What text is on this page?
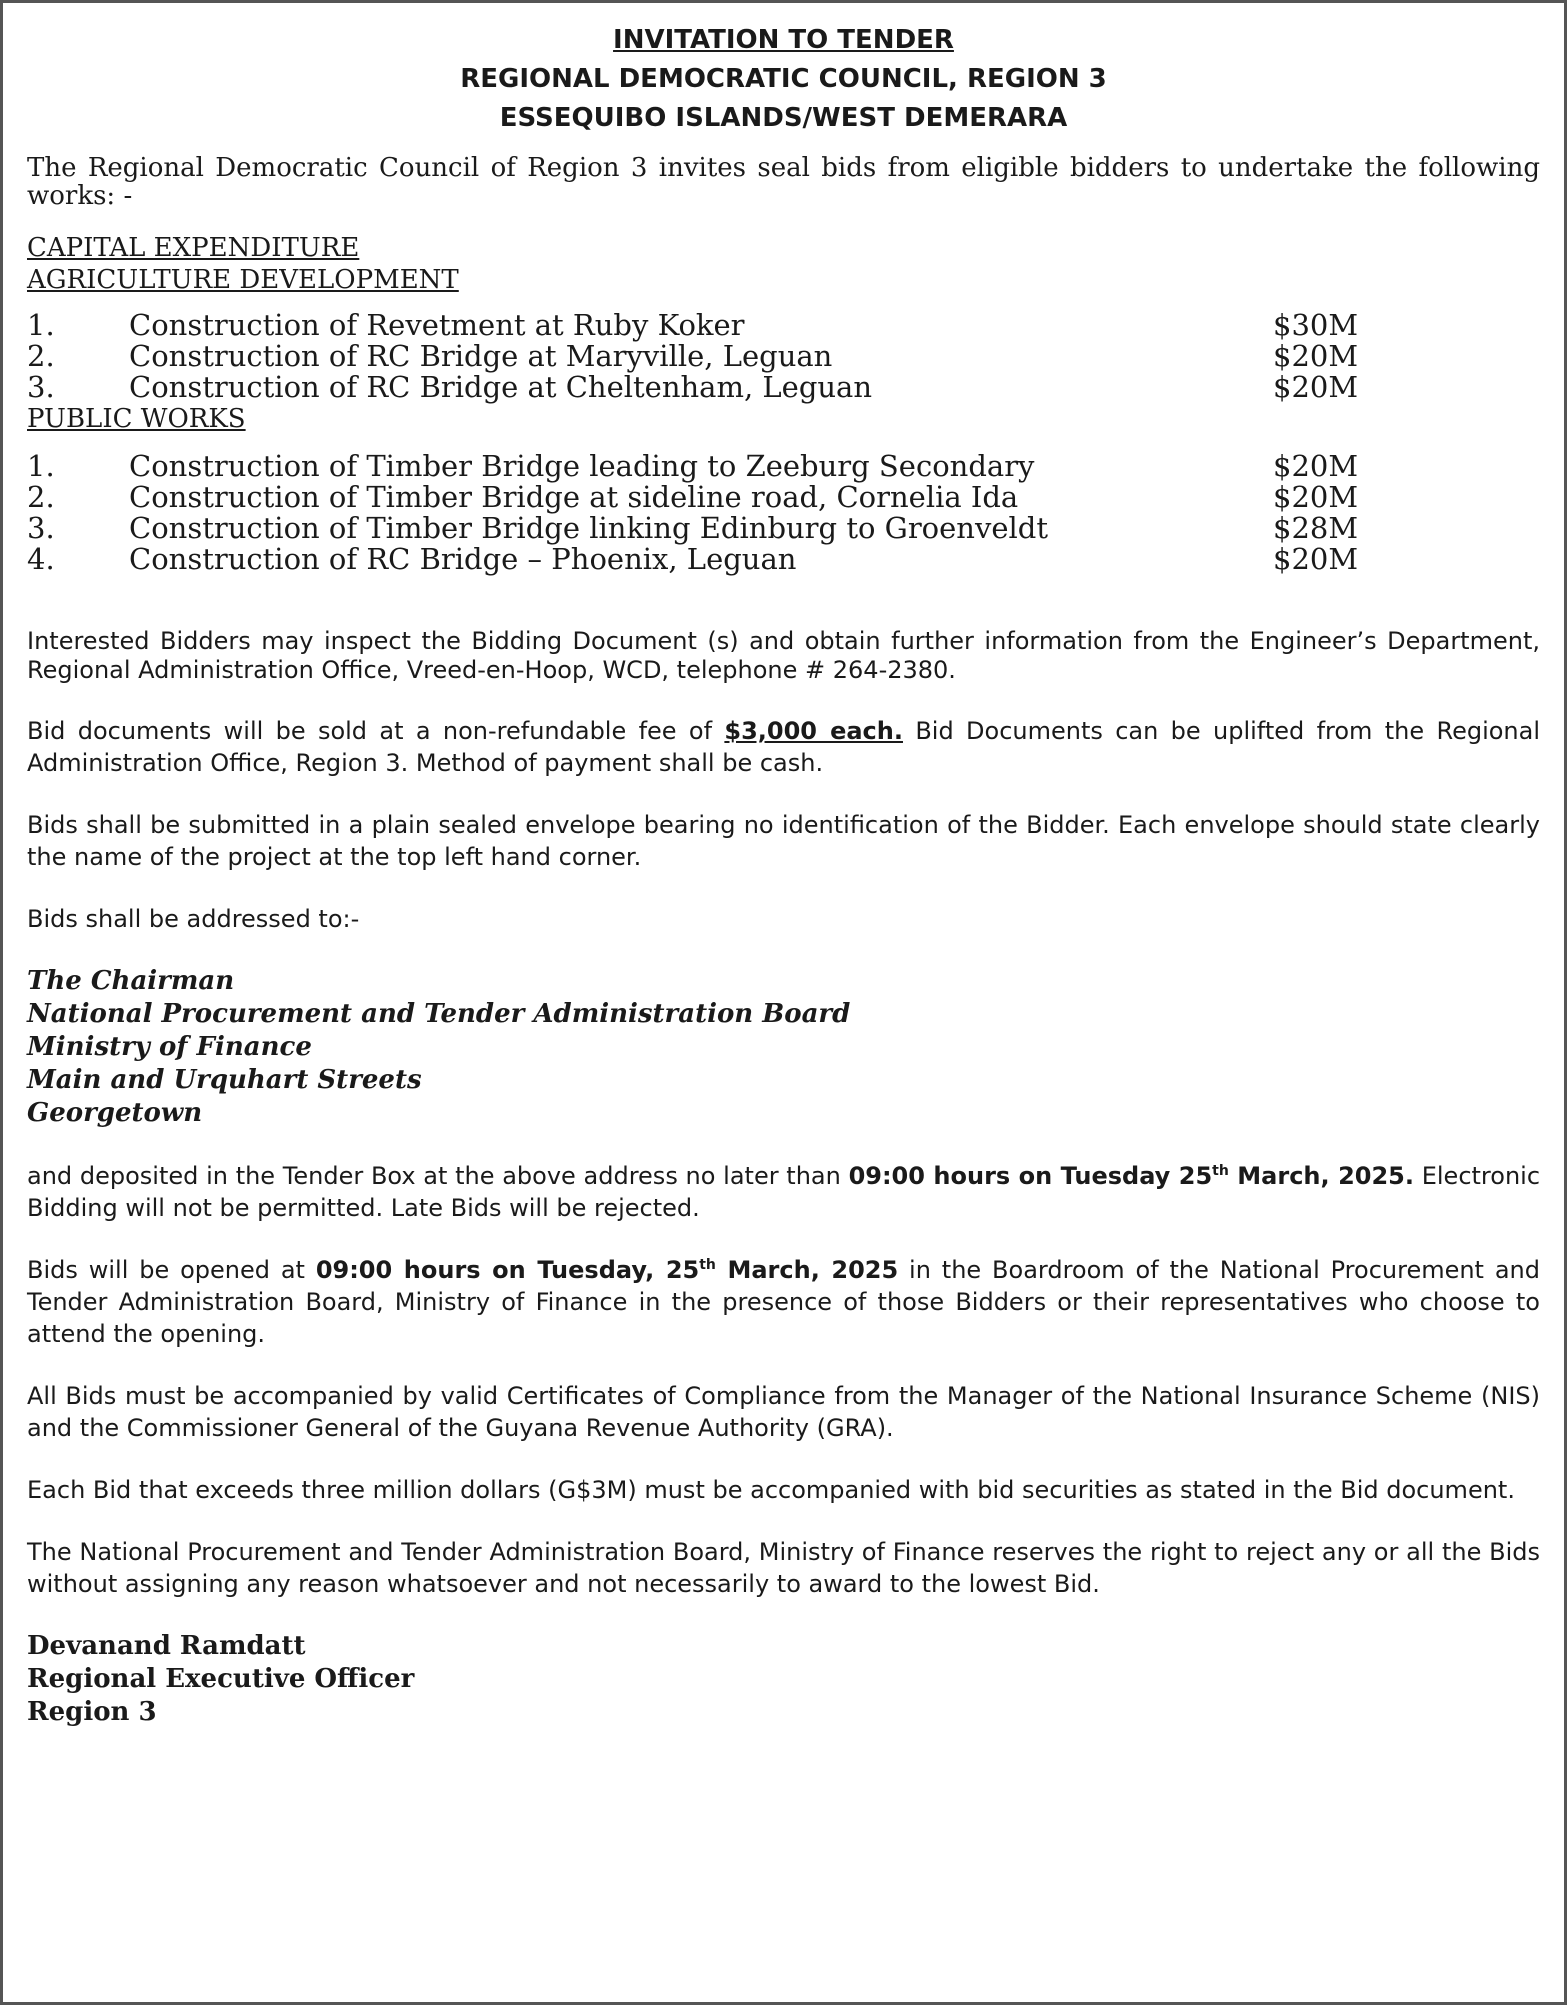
INVITATION TO TENDER

REGIONAL DEMOCRATIC COUNCIL, REGION 3

ESSEQUIBO ISLANDS/WEST DEMERARA

The Regional Democratic Council of Region 3 invites seal bids from eligible bidders to undertake the following works: -

CAPITAL EXPENDITURE

AGRICULTURE DEVELOPMENT

1.	Construction of Revetment at Ruby Koker	$30M
2.	Construction of RC Bridge at Maryville, Leguan	$20M
3.	Construction of RC Bridge at Cheltenham, Leguan	$20M

PUBLIC WORKS

1.	Construction of Timber Bridge leading to Zeeburg Secondary	$20M
2.	Construction of Timber Bridge at sideline road, Cornelia Ida	$20M
3.	Construction of Timber Bridge linking Edinburg to Groenveldt	$28M
4.	Construction of RC Bridge – Phoenix, Leguan	$20M

Interested Bidders may inspect the Bidding Document (s) and obtain further information from the Engineer’s Department, Regional Administration Office, Vreed-en-Hoop, WCD, telephone # 264-2380.

Bid documents will be sold at a non-refundable fee of $3,000 each. Bid Documents can be uplifted from the Regional Administration Office, Region 3. Method of payment shall be cash.

Bids shall be submitted in a plain sealed envelope bearing no identification of the Bidder. Each envelope should state clearly the name of the project at the top left hand corner.

Bids shall be addressed to:-

The Chairman

National Procurement and Tender Administration Board

Ministry of Finance

Main and Urquhart Streets

Georgetown

and deposited in the Tender Box at the above address no later than 09:00 hours on Tuesday 25th March, 2025. Electronic Bidding will not be permitted. Late Bids will be rejected.

Bids will be opened at 09:00 hours on Tuesday, 25th March, 2025 in the Boardroom of the National Procurement and Tender Administration Board, Ministry of Finance in the presence of those Bidders or their representatives who choose to attend the opening.

All Bids must be accompanied by valid Certificates of Compliance from the Manager of the National Insurance Scheme (NIS) and the Commissioner General of the Guyana Revenue Authority (GRA).

Each Bid that exceeds three million dollars (G$3M) must be accompanied with bid securities as stated in the Bid document.

The National Procurement and Tender Administration Board, Ministry of Finance reserves the right to reject any or all the Bids without assigning any reason whatsoever and not necessarily to award to the lowest Bid.

Devanand Ramdatt

Regional Executive Officer

Region 3
